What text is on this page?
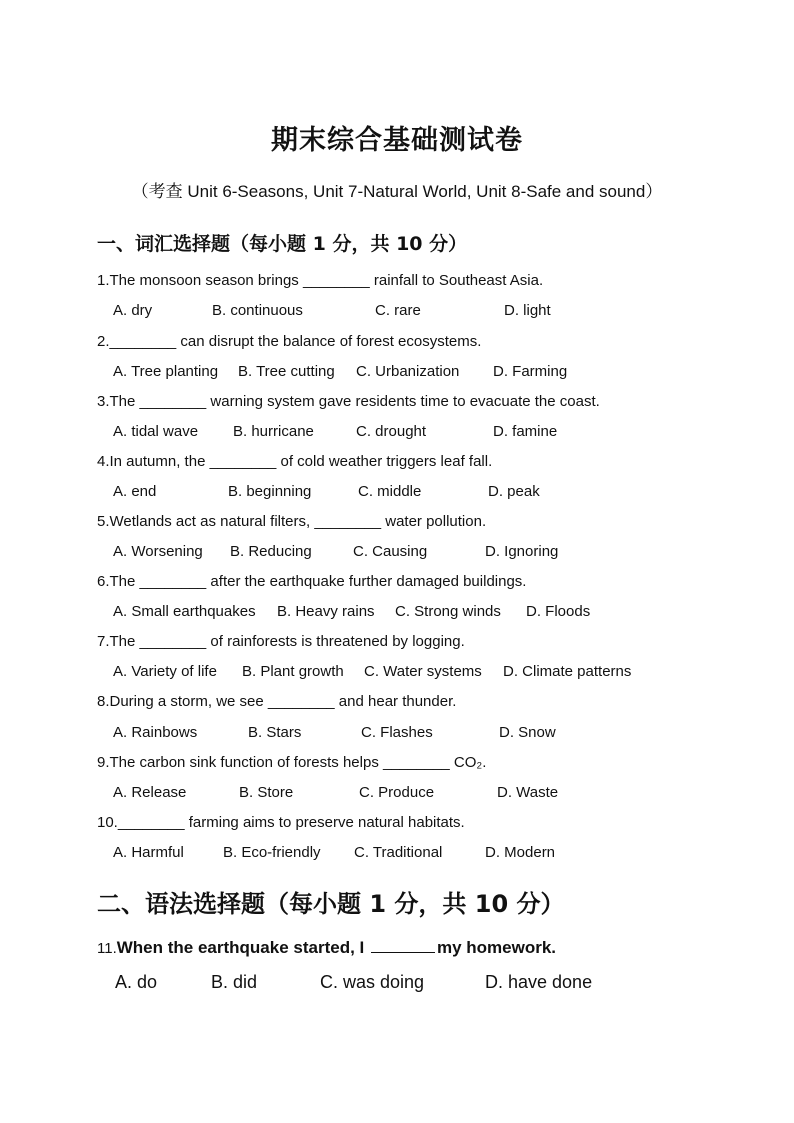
期末综合基础测试卷
（考查 Unit 6-Seasons, Unit 7-Natural World, Unit 8-Safe and sound）
一、词汇选择题（每小题 1 分，共 10 分）
1.The monsoon season brings ________ rainfall to Southeast Asia.
A. dry	B. continuous	C. rare	D. light
2.________ can disrupt the balance of forest ecosystems.
A. Tree planting B. Tree cutting C. Urbanization D. Farming
3.The ________ warning system gave residents time to evacuate the coast.
A. tidal wave B. hurricane	C. drought	D. famine
4.In autumn, the ________ of cold weather triggers leaf fall.
A. end	B. beginning	C. middle	D. peak
5.Wetlands act as natural filters, ________ water pollution.
A. Worsening B. Reducing	C. Causing	D. Ignoring
6.The ________ after the earthquake further damaged buildings.
A. Small earthquakes B. Heavy rains C. Strong winds D. Floods
7.The ________ of rainforests is threatened by logging.
A. Variety of life B. Plant growth C. Water systems D. Climate patterns
8.During a storm, we see ________ and hear thunder.
A. Rainbows	B. Stars	C. Flashes	D. Snow
9.The carbon sink function of forests helps ________ CO₂.
A. Release	B. Store	C. Produce	D. Waste
10.________ farming aims to preserve natural habitats.
A. Harmful	B. Eco-friendly C. Traditional	D. Modern
二、语法选择题（每小题 1 分，共 10 分）
11.When the earthquake started, I	my homework.
A. do	B. did	C. was doing	D. have done
